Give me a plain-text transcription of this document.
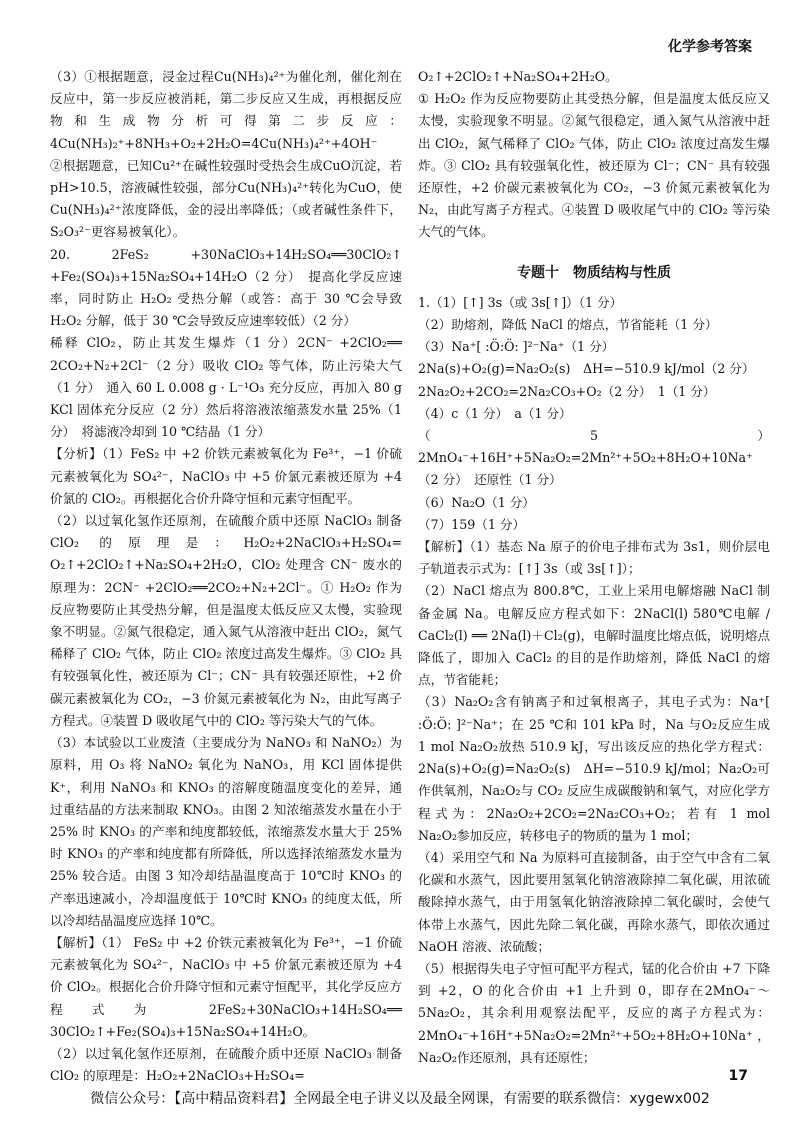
化学参考答案

（3）①根据题意，浸金过程Cu(NH₃)₄²⁺为催化剂，催化剂在反应中，第一步反应被消耗，第二步反应又生成，再根据反应物和生成物分析可得第二步反应：4Cu(NH₃)₂⁺+8NH₃+O₂+2H₂O=4Cu(NH₃)₄²⁺+4OH⁻

②根据题意，已知Cu²⁺在碱性较强时受热会生成CuO沉淀，若pH>10.5，溶液碱性较强，部分Cu(NH₃)₄²⁺转化为CuO，使Cu(NH₃)₄²⁺浓度降低，金的浸出率降低；（或者碱性条件下，S₂O₃²⁻更容易被氧化）。

20. 2FeS₂ +30NaClO₃+14H₂SO₄══30ClO₂↑ +Fe₂(SO₄)₃+15Na₂SO₄+14H₂O（2 分）　提高化学反应速率，同时防止 H₂O₂ 受热分解（或答：高于 30 ℃会导致 H₂O₂ 分解，低于 30 ℃会导致反应速率较低）（2 分）

稀释 ClO₂，防止其发生爆炸（1 分）2CN⁻ +2ClO₂══ 2CO₂+N₂+2Cl⁻（2 分）吸收 ClO₂ 等气体，防止污染大气（1 分）　通入 60 L 0.008 g · L⁻¹O₃ 充分反应，再加入 80 g KCl 固体充分反应（2 分）然后将溶液浓缩蒸发水量 25%（1 分）　将滤液冷却到 10 ℃结晶（1 分）

【分析】（1）FeS₂ 中 +2 价铁元素被氧化为 Fe³⁺，−1 价硫元素被氧化为 SO₄²⁻，NaClO₃ 中 +5 价氯元素被还原为 +4 价氯的 ClO₂。再根据化合价升降守恒和元素守恒配平。

（2）以过氧化氢作还原剂，在硫酸介质中还原 NaClO₃ 制备 ClO₂ 的原理是：H₂O₂+2NaClO₃+H₂SO₄= O₂↑+2ClO₂↑+Na₂SO₄+2H₂O，ClO₂ 处理含 CN⁻ 废水的原理为：2CN⁻ +2ClO₂══2CO₂+N₂+2Cl⁻。① H₂O₂ 作为反应物要防止其受热分解，但是温度太低反应又太慢，实验现象不明显。②氮气很稳定，通入氮气从溶液中赶出 ClO₂，氮气稀释了 ClO₂ 气体，防止 ClO₂ 浓度过高发生爆炸。③ ClO₂ 具有较强氧化性，被还原为 Cl⁻；CN⁻ 具有较强还原性，+2 价碳元素被氧化为 CO₂，−3 价氮元素被氧化为 N₂，由此写离子方程式。④装置 D 吸收尾气中的 ClO₂ 等污染大气的气体。

（3）本试验以工业废渣（主要成分为 NaNO₃ 和 NaNO₂）为原料，用 O₃ 将 NaNO₂ 氧化为 NaNO₃，用 KCl 固体提供 K⁺，利用 NaNO₃ 和 KNO₃ 的溶解度随温度变化的差异，通过重结晶的方法来制取 KNO₃。由图 2 知浓缩蒸发水量在小于 25% 时 KNO₃ 的产率和纯度都较低，浓缩蒸发水量大于 25% 时 KNO₃ 的产率和纯度都有所降低，所以选择浓缩蒸发水量为 25% 较合适。由图 3 知冷却结晶温度高于 10℃时 KNO₃ 的产率迅速减小，冷却温度低于 10℃时 KNO₃ 的纯度太低，所以冷却结晶温度应选择 10℃。

【解析】（1） FeS₂ 中 +2 价铁元素被氧化为 Fe³⁺，−1 价硫元素被氧化为 SO₄²⁻，NaClO₃ 中 +5 价氯元素被还原为 +4 价 ClO₂。根据化合价升降守恒和元素守恒配平，其化学反应方程式为 2FeS₂+30NaClO₃+14H₂SO₄══ 30ClO₂↑+Fe₂(SO₄)₃+15Na₂SO₄+14H₂O。

（2）以过氧化氢作还原剂，在硫酸介质中还原 NaClO₃ 制备 ClO₂ 的原理是：H₂O₂+2NaClO₃+H₂SO₄=

O₂↑+2ClO₂↑+Na₂SO₄+2H₂O。

① H₂O₂ 作为反应物要防止其受热分解，但是温度太低反应又太慢，实验现象不明显。②氮气很稳定，通入氮气从溶液中赶出 ClO₂，氮气稀释了 ClO₂ 气体，防止 ClO₂ 浓度过高发生爆炸。③ ClO₂ 具有较强氧化性，被还原为 Cl⁻；CN⁻ 具有较强还原性，+2 价碳元素被氧化为 CO₂，−3 价氮元素被氧化为 N₂，由此写离子方程式。④装置 D 吸收尾气中的 ClO₂ 等污染大气的气体。

专题十　物质结构与性质

1.（1）[↑] 3s（或 3s[↑]）（1 分）

（2）助熔剂，降低 NaCl 的熔点，节省能耗（1 分）

（3）Na⁺[ :Ö:Ö: ]²⁻Na⁺（1 分）

2Na(s)+O₂(g)=Na₂O₂(s)　ΔH=−510.9 kJ/mol（2 分）

2Na₂O₂+2CO₂=2Na₂CO₃+O₂（2 分）　1（1 分）

（4）c（1 分）　a（1 分）

（5）2MnO₄⁻+16H⁺+5Na₂O₂=2Mn²⁺+5O₂+8H₂O+10Na⁺（2 分）　还原性（1 分）

（6）Na₂O（1 分）

（7）159（1 分）

【解析】（1）基态 Na 原子的价电子排布式为 3s1，则价层电子轨道表示式为：[↑] 3s（或 3s[↑]）；

（2）NaCl 熔点为 800.8℃，工业上采用电解熔融 NaCl 制备金属 Na。电解反应方程式如下：2NaCl(l) 580℃电解 / CaCl₂(l) ══ 2Na(l)＋Cl₂(g)，电解时温度比熔点低，说明熔点降低了，即加入 CaCl₂ 的目的是作助熔剂，降低 NaCl 的熔点，节省能耗；

（3）Na₂O₂含有钠离子和过氧根离子，其电子式为：Na⁺[ :Ö:Ö: ]²⁻Na⁺；在 25 ℃和 101 kPa 时，Na 与O₂反应生成 1 mol Na₂O₂放热 510.9 kJ，写出该反应的热化学方程式：2Na(s)+O₂(g)=Na₂O₂(s)　ΔH=−510.9 kJ/mol；Na₂O₂可作供氧剂，Na₂O₂与 CO₂ 反应生成碳酸钠和氧气，对应化学方程式为：2Na₂O₂+2CO₂=2Na₂CO₃+O₂；若有 1 mol Na₂O₂参加反应，转移电子的物质的量为 1 mol；

（4）采用空气和 Na 为原料可直接制备，由于空气中含有二氧化碳和水蒸气，因此要用氢氧化钠溶液除掉二氧化碳，用浓硫酸除掉水蒸气，由于用氢氧化钠溶液除掉二氧化碳时，会使气体带上水蒸气，因此先除二氧化碳，再除水蒸气，即依次通过 NaOH 溶液、浓硫酸；

（5）根据得失电子守恒可配平方程式，锰的化合价由 +7 下降到 +2，O 的化合价由 +1 上升到 0，即存在2MnO₄⁻～5Na₂O₂，其余利用观察法配平，反应的离子方程式为：2MnO₄⁻+16H⁺+5Na₂O₂=2Mn²⁺+5O₂+8H₂O+10Na⁺，Na₂O₂作还原剂，具有还原性；

17
微信公众号：【高中精品资料君】全网最全电子讲义以及最全网课，有需要的联系微信：xygewx002
